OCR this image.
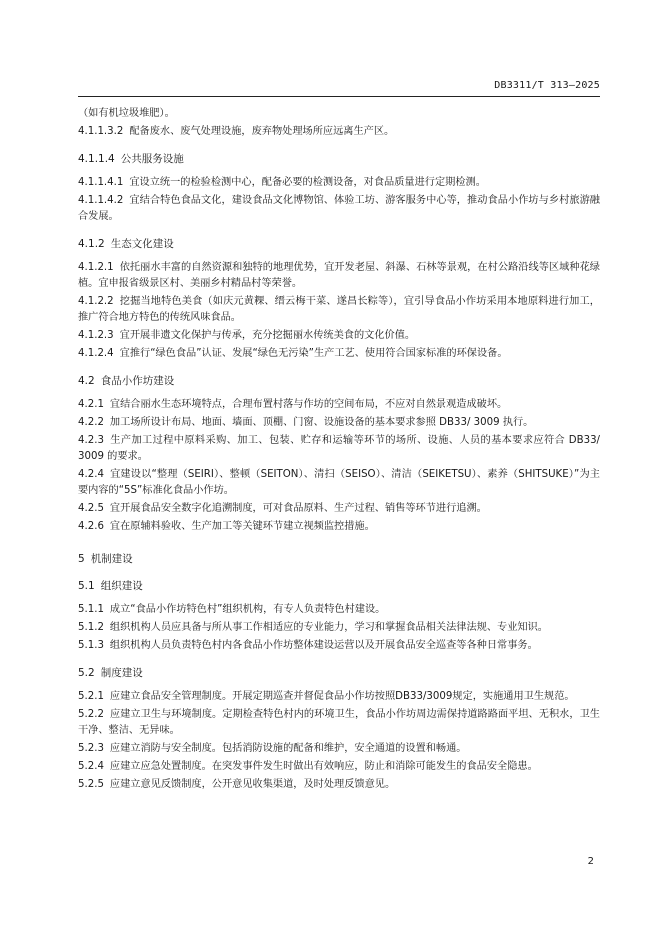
DB3311/T 313—2025
（如有机垃圾堆肥）。
4.1.1.3.2 配备废水、废气处理设施，废弃物处理场所应远离生产区。
4.1.1.4 公共服务设施
4.1.1.4.1 宜设立统一的检验检测中心，配备必要的检测设备，对食品质量进行定期检测。
4.1.1.4.2 宜结合特色食品文化，建设食品文化博物馆、体验工坊、游客服务中心等，推动食品小作坊与乡村旅游融合发展。
4.1.2 生态文化建设
4.1.2.1 依托丽水丰富的自然资源和独特的地理优势，宜开发老屋、斜瀑、石林等景观，在村公路沿线等区域种花绿植。宜申报省级景区村、美丽乡村精品村等荣誉。
4.1.2.2 挖掘当地特色美食（如庆元黄粿、缙云梅干菜、遂昌长粽等），宜引导食品小作坊采用本地原料进行加工，推广符合地方特色的传统风味食品。
4.1.2.3 宜开展非遗文化保护与传承，充分挖掘丽水传统美食的文化价值。
4.1.2.4 宜推行“绿色食品”认证、发展“绿色无污染”生产工艺、使用符合国家标准的环保设备。
4.2 食品小作坊建设
4.2.1 宜结合丽水生态环境特点，合理布置村落与作坊的空间布局，不应对自然景观造成破坏。
4.2.2 加工场所设计布局、地面、墙面、顶棚、门窗、设施设备的基本要求参照 DB33/ 3009 执行。
4.2.3 生产加工过程中原料采购、加工、包装、贮存和运输等环节的场所、设施、人员的基本要求应符合 DB33/ 3009 的要求。
4.2.4 宜建设以“整理（SEIRI）、整顿（SEITON）、清扫（SEISO）、清洁（SEIKETSU）、素养（SHITSUKE）”为主要内容的“5S”标准化食品小作坊。
4.2.5 宜开展食品安全数字化追溯制度，可对食品原料、生产过程、销售等环节进行追溯。
4.2.6 宜在原辅料验收、生产加工等关键环节建立视频监控措施。
5 机制建设
5.1 组织建设
5.1.1 成立“食品小作坊特色村”组织机构，有专人负责特色村建设。
5.1.2 组织机构人员应具备与所从事工作相适应的专业能力，学习和掌握食品相关法律法规、专业知识。
5.1.3 组织机构人员负责特色村内各食品小作坊整体建设运营以及开展食品安全巡查等各种日常事务。
5.2 制度建设
5.2.1 应建立食品安全管理制度。开展定期巡查并督促食品小作坊按照DB33/3009规定，实施通用卫生规范。
5.2.2 应建立卫生与环境制度。定期检查特色村内的环境卫生，食品小作坊周边需保持道路路面平坦、无积水，卫生干净、整洁、无异味。
5.2.3 应建立消防与安全制度。包括消防设施的配备和维护，安全通道的设置和畅通。
5.2.4 应建立应急处置制度。在突发事件发生时做出有效响应，防止和消除可能发生的食品安全隐患。
5.2.5 应建立意见反馈制度，公开意见收集渠道，及时处理反馈意见。
2
